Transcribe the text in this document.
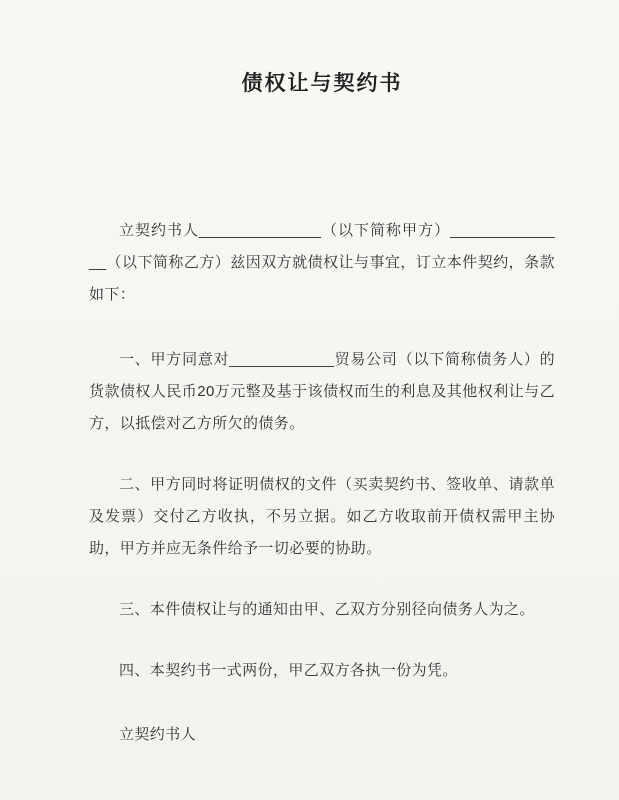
债权让与契约书

立契约书人______________（以下简称甲方）______________（以下简称乙方）兹因双方就债权让与事宜，订立本件契约，条款如下：

一、甲方同意对____________贸易公司（以下简称债务人）的货款债权人民币20万元整及基于该债权而生的利息及其他权利让与乙方，以抵偿对乙方所欠的债务。

二、甲方同时将证明债权的文件（买卖契约书、签收单、请款单及发票）交付乙方收执，不另立据。如乙方收取前开债权需甲主协助，甲方并应无条件给予一切必要的协助。

三、本件债权让与的通知由甲、乙双方分别径向债务人为之。

四、本契约书一式两份，甲乙双方各执一份为凭。

立契约书人
